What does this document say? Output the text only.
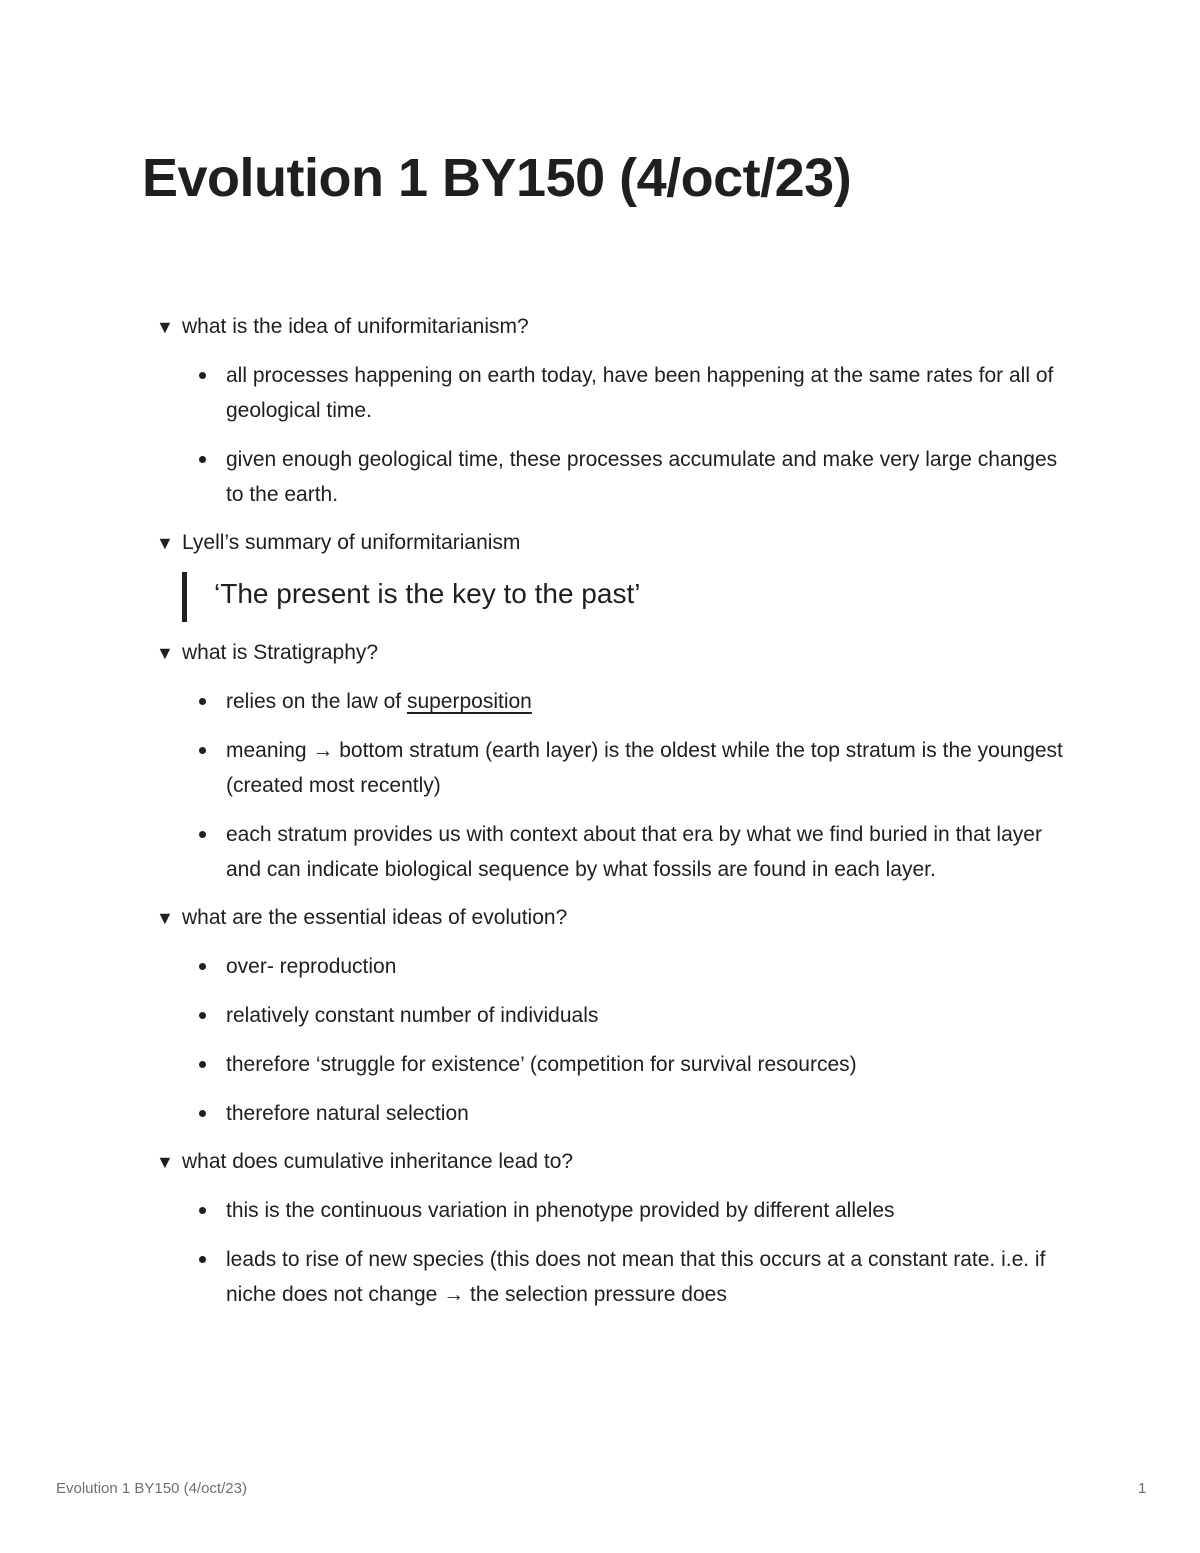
Evolution 1 BY150 (4/oct/23)
▼ what is the idea of uniformitarianism?
all processes happening on earth today, have been happening at the same rates for all of geological time.
given enough geological time, these processes accumulate and make very large changes to the earth.
▼ Lyell’s summary of uniformitarianism
‘The present is the key to the past’
▼ what is Stratigraphy?
relies on the law of superposition
meaning → bottom stratum (earth layer) is the oldest while the top stratum is the youngest (created most recently)
each stratum provides us with context about that era by what we find buried in that layer and can indicate biological sequence by what fossils are found in each layer.
▼ what are the essential ideas of evolution?
over- reproduction
relatively constant number of individuals
therefore ‘struggle for existence’ (competition for survival resources)
therefore natural selection
▼ what does cumulative inheritance lead to?
this is the continuous variation in phenotype provided by different alleles
leads to rise of new species (this does not mean that this occurs at a constant rate. i.e. if niche does not change → the selection pressure does
Evolution 1 BY150 (4/oct/23)	1
